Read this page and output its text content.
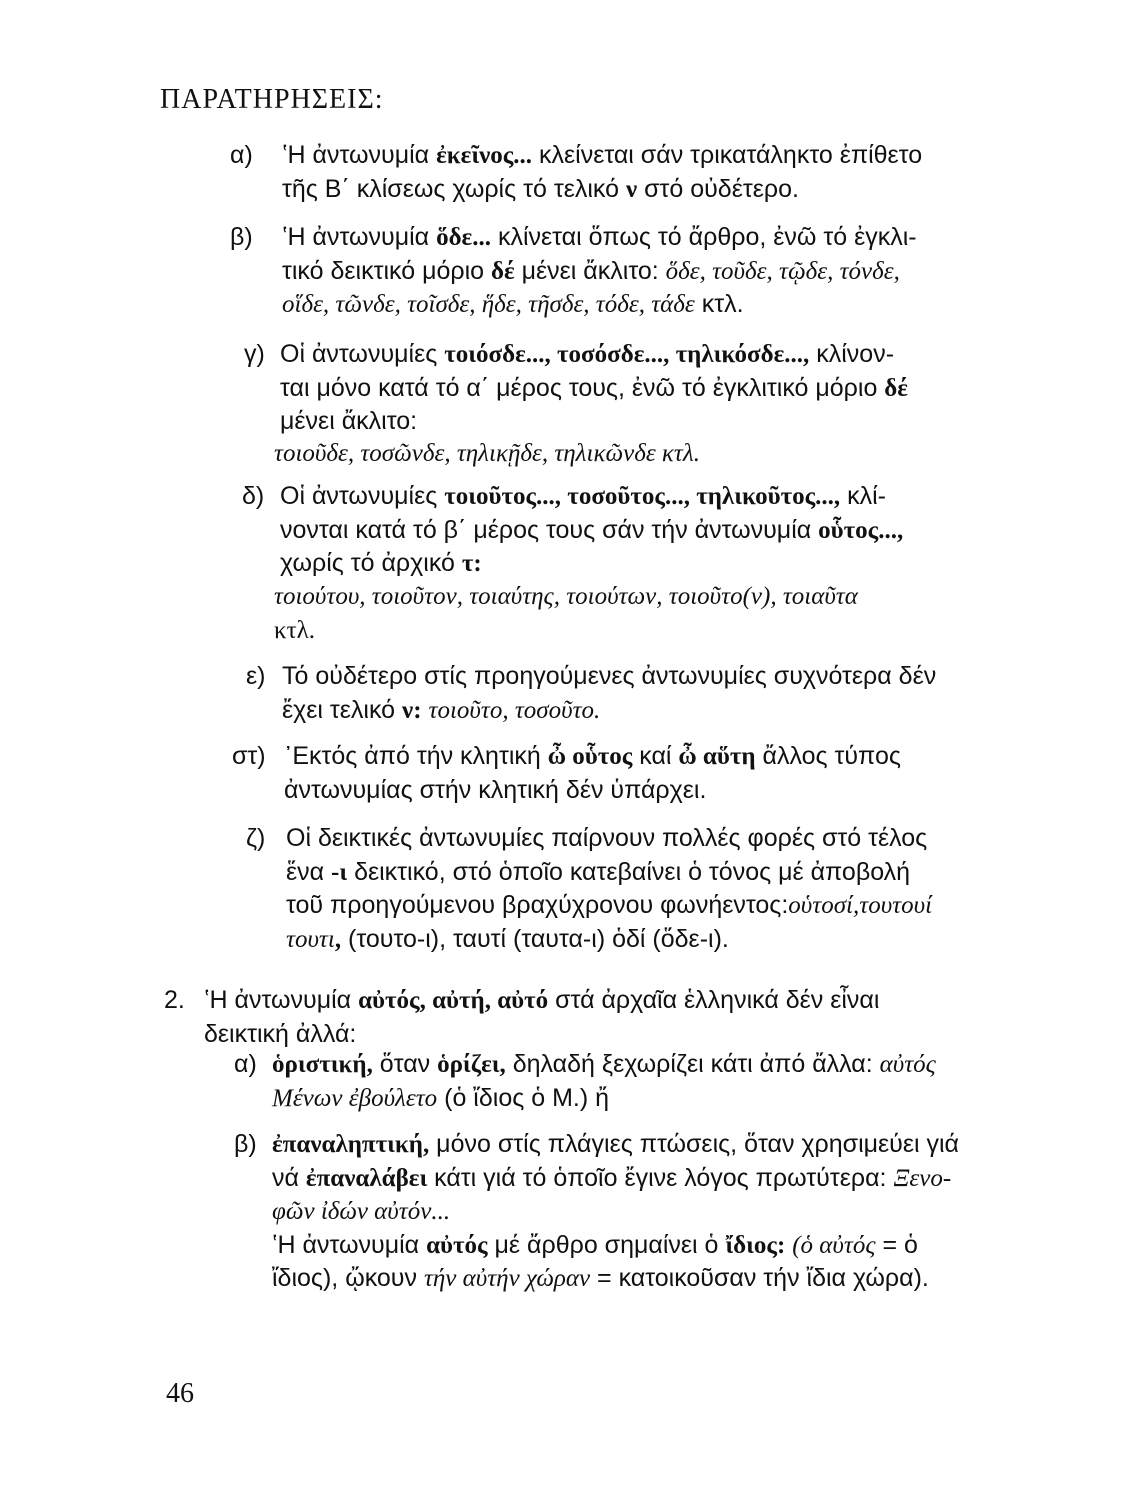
ΠΑΡΑΤΗΡΗΣΕΙΣ:
α) ʽΗ ἀντωνυμία ἐκεῖνος... κλείνεται σάν τρικατάληκτο ἐπίθετο
τῆς Β΄ κλίσεως χωρίς τό τελικό ν στό οὐδέτερο.
β) ʽΗ ἀντωνυμία ὅδε... κλίνεται ὅπως τό ἄρθρο, ἐνῶ τό ἐγκλι-
τικό δεικτικό μόριο δέ μένει ἄκλιτο: ὅδε, τοῦδε, τῷδε, τόνδε,
οἵδε, τῶνδε, τοῖσδε, ἥδε, τῆσδε, τόδε, τάδε κτλ.
γ) Οἱ ἀντωνυμίες τοιόσδε..., τοσόσδε..., τηλικόσδε..., κλίνον-
ται μόνο κατά τό α΄ μέρος τους, ἐνῶ τό ἐγκλιτικό μόριο δέ
μένει ἄκλιτο:
τοιοῦδε, τοσῶνδε, τηλικῇδε, τηλικῶνδε κτλ.
δ) Οἱ ἀντωνυμίες τοιοῦτος..., τοσοῦτος..., τηλικοῦτος..., κλί-
νονται κατά τό β΄ μέρος τους σάν τήν ἀντωνυμία οὗτος...,
χωρίς τό ἀρχικό τ:
τοιούτου, τοιοῦτον, τοιαύτης, τοιούτων, τοιοῦτο(ν), τοιαῦτα
κτλ.
ε) Τό οὐδέτερο στίς προηγούμενες ἀντωνυμίες συχνότερα δέν
ἔχει τελικό ν: τοιοῦτο, τοσοῦτο.
στ) ᾿Εκτός ἀπό τήν κλητική ὦ οὗτος καί ὦ αὕτη ἄλλος τύπος
ἀντωνυμίας στήν κλητική δέν ὑπάρχει.
ζ) Οἱ δεικτικές ἀντωνυμίες παίρνουν πολλές φορές στό τέλος
ἕνα -ι δεικτικό, στό ὁποῖο κατεβαίνει ὁ τόνος μέ ἀποβολή
τοῦ προηγούμενου βραχύχρονου φωνήεντος:οὑτοσί,τουτουί
τουτι, (τουτο-ι), ταυτί (ταυτα-ι) ὁδί (ὅδε-ι).
2. ʽΗ ἀντωνυμία αὐτός, αὐτή, αὐτό στά ἀρχαῖα ἑλληνικά δέν εἶναι
δεικτική ἀλλά:
α) ὁριστική, ὅταν ὁρίζει, δηλαδή ξεχωρίζει κάτι ἀπό ἄλλα: αὐτός
Μένων ἐβούλετο (ὁ ἴδιος ὁ Μ.) ἤ
β) ἐπαναληπτική, μόνο στίς πλάγιες πτώσεις, ὅταν χρησιμεύει γιά
νά ἐπαναλάβει κάτι γιά τό ὁποῖο ἔγινε λόγος πρωτύτερα: Ξενο-
φῶν ἰδών αὐτόν...
ʽΗ ἀντωνυμία αὐτός μέ ἄρθρο σημαίνει ὁ ἴδιος: (ὁ αὐτός = ὁ
ἴδιος), ᾤκουν τήν αὐτήν χώραν = κατοικοῦσαν τήν ἴδια χώρα).
46
